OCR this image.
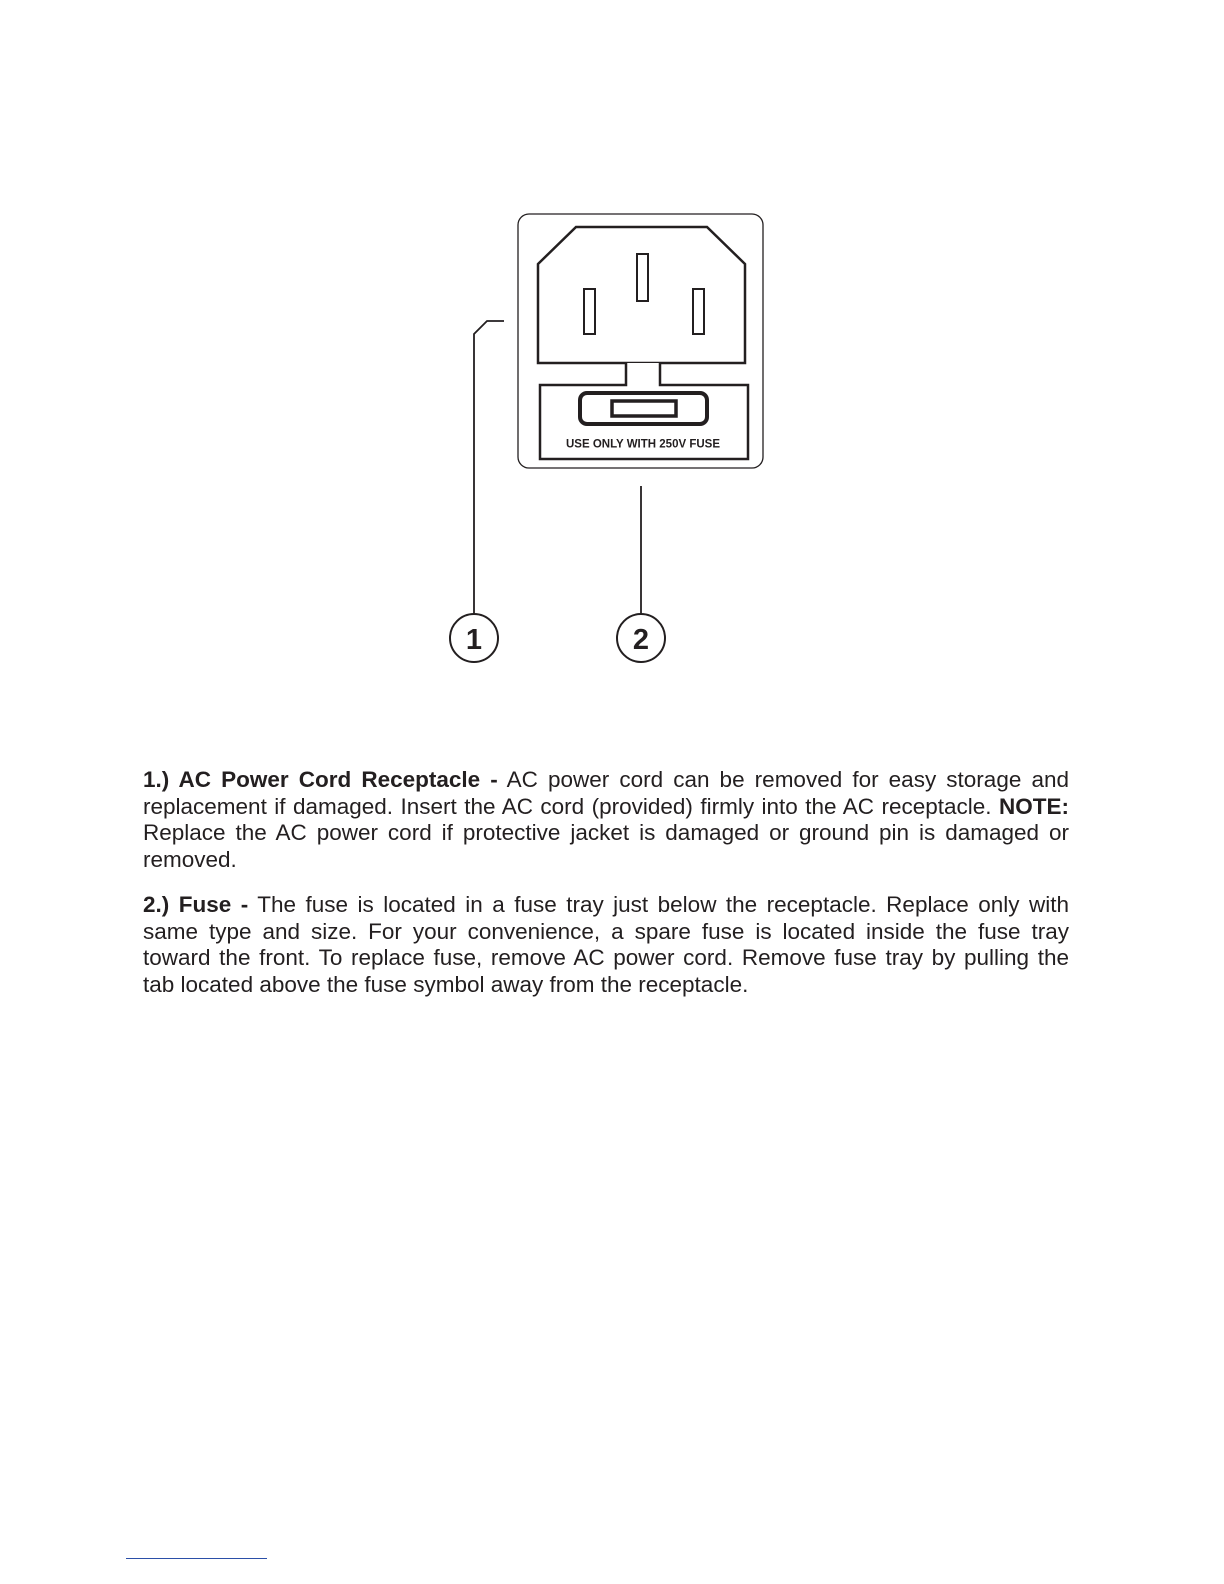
USE ONLY WITH 250V FUSE
1	2

1.) AC Power Cord Receptacle - AC power cord can be removed for easy storage and replacement if damaged. Insert the AC cord (provided) firmly into the AC receptacle. NOTE: Replace the AC power cord if protective jacket is damaged or ground pin is damaged or removed.

2.) Fuse - The fuse is located in a fuse tray just below the receptacle. Replace only with same type and size. For your convenience, a spare fuse is located inside the fuse tray toward the front. To replace fuse, remove AC power cord. Remove fuse tray by pulling the tab located above the fuse symbol away from the receptacle.
